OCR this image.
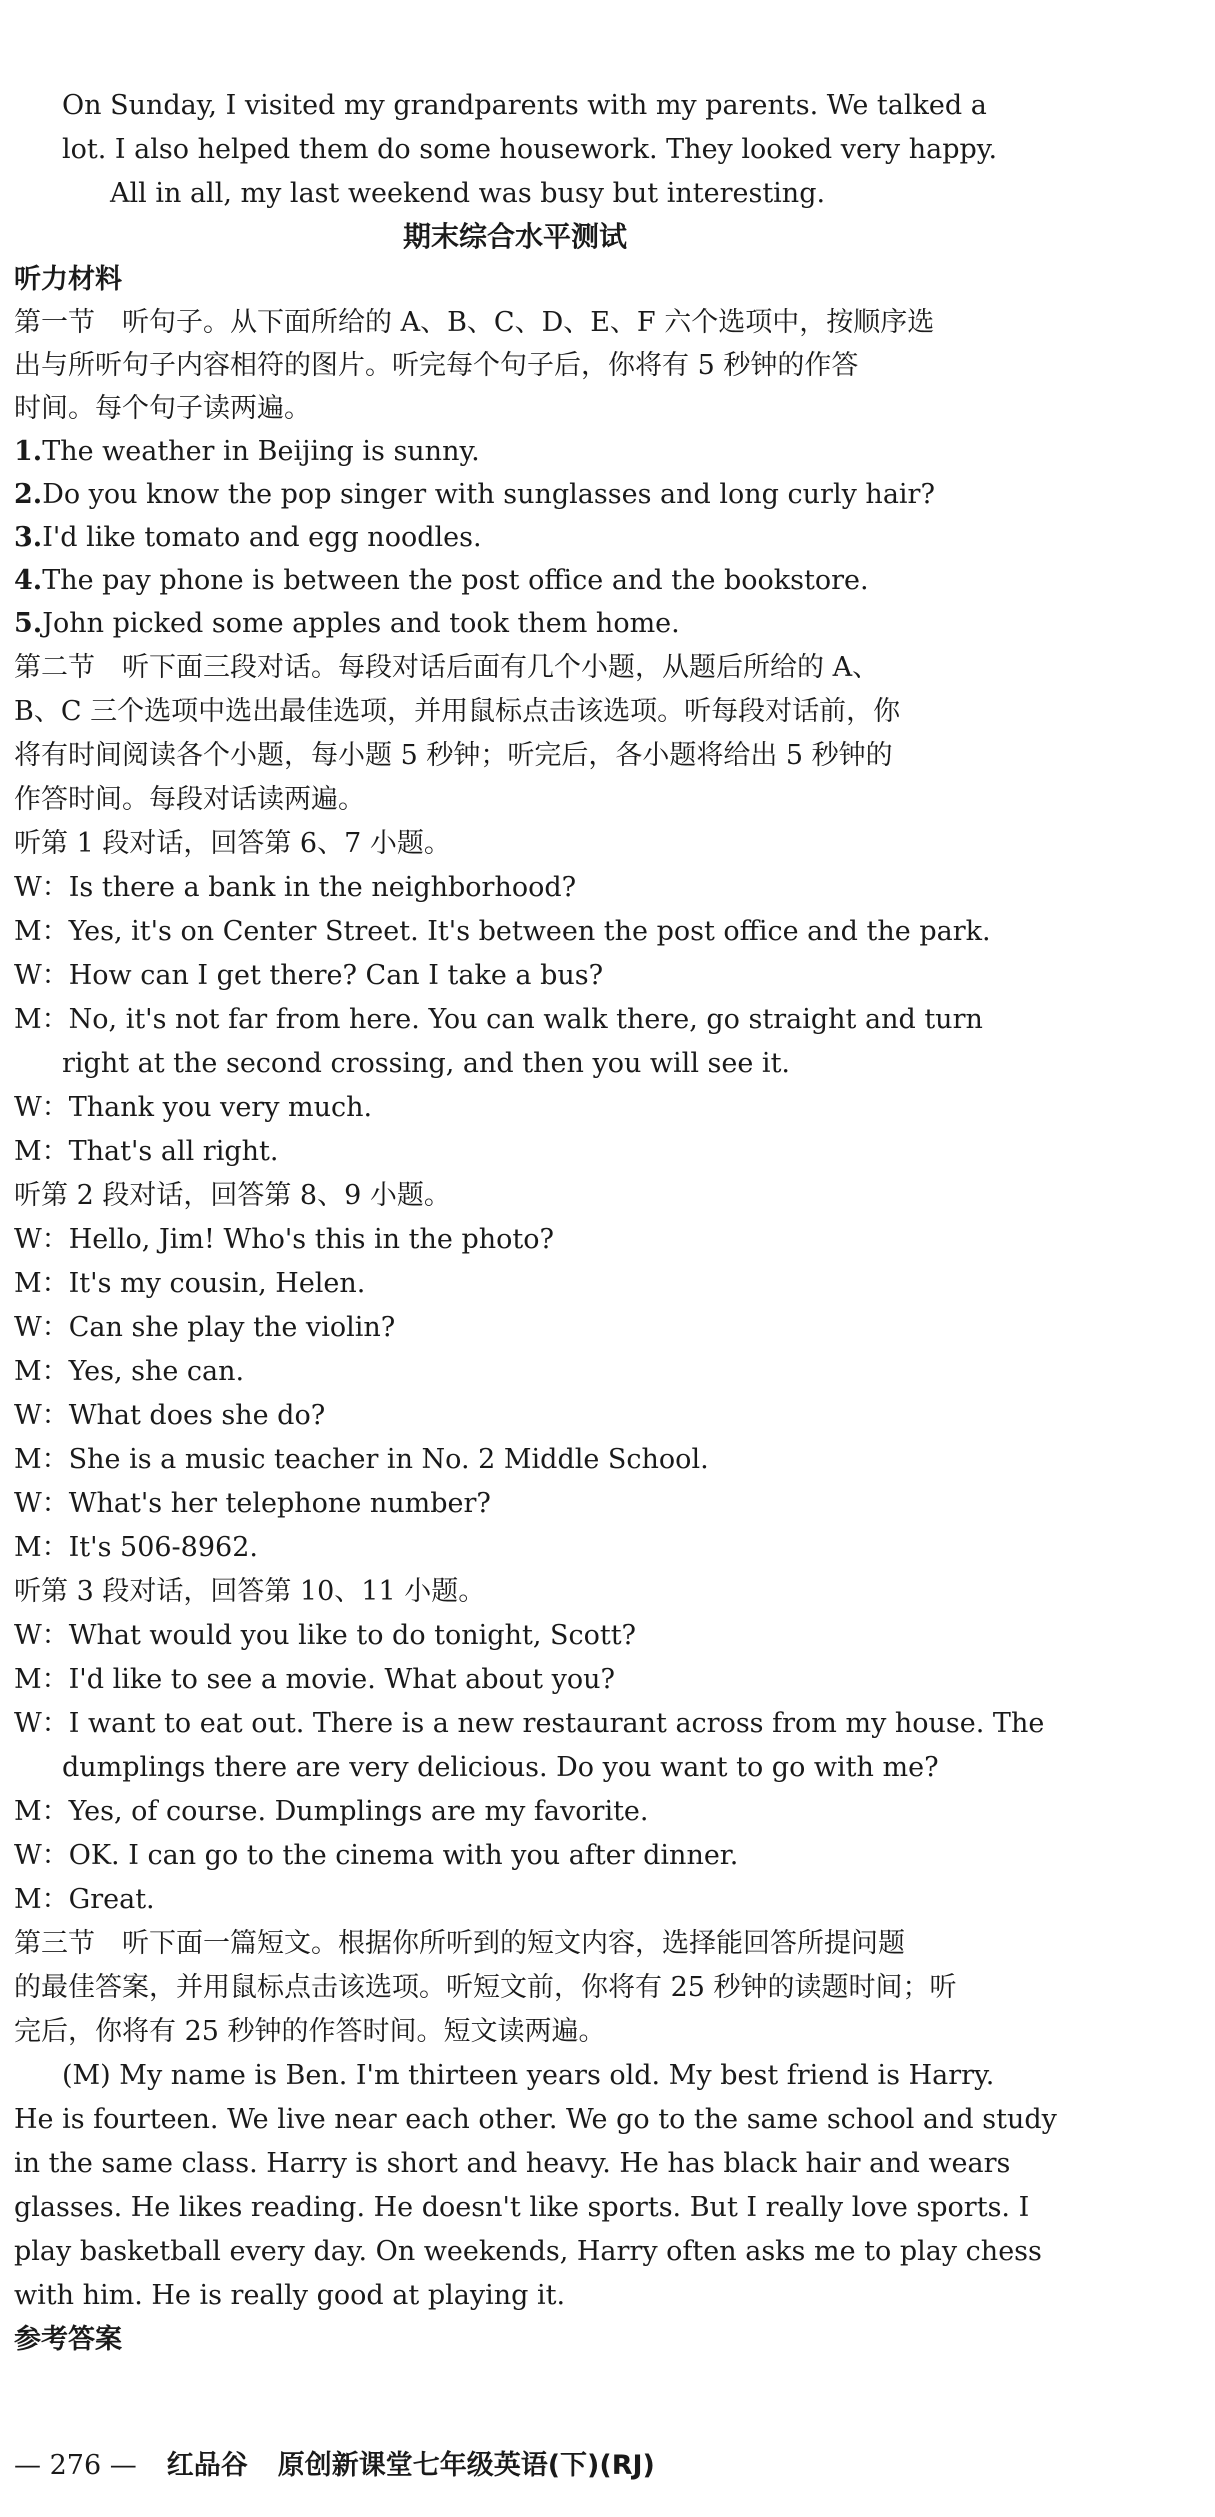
On Sunday, I visited my grandparents with my parents. We talked a
lot. I also helped them do some housework. They looked very happy.
All in all, my last weekend was busy but interesting.
期末综合水平测试
听力材料
第一节　听句子。从下面所给的 A、B、C、D、E、F 六个选项中，按顺序选
出与所听句子内容相符的图片。听完每个句子后，你将有 5 秒钟的作答
时间。每个句子读两遍。
1.The weather in Beijing is sunny.
2.Do you know the pop singer with sunglasses and long curly hair?
3.I'd like tomato and egg noodles.
4.The pay phone is between the post office and the bookstore.
5.John picked some apples and took them home.
第二节　听下面三段对话。每段对话后面有几个小题，从题后所给的 A、
B、C 三个选项中选出最佳选项，并用鼠标点击该选项。听每段对话前，你
将有时间阅读各个小题，每小题 5 秒钟；听完后，各小题将给出 5 秒钟的
作答时间。每段对话读两遍。
听第 1 段对话，回答第 6、7 小题。
W：Is there a bank in the neighborhood?
M：Yes, it's on Center Street. It's between the post office and the park.
W：How can I get there? Can I take a bus?
M：No, it's not far from here. You can walk there, go straight and turn
right at the second crossing, and then you will see it.
W：Thank you very much.
M：That's all right.
听第 2 段对话，回答第 8、9 小题。
W：Hello, Jim! Who's this in the photo?
M：It's my cousin, Helen.
W：Can she play the violin?
M：Yes, she can.
W：What does she do?
M：She is a music teacher in No. 2 Middle School.
W：What's her telephone number?
M：It's 506-8962.
听第 3 段对话，回答第 10、11 小题。
W：What would you like to do tonight, Scott?
M：I'd like to see a movie. What about you?
W：I want to eat out. There is a new restaurant across from my house. The
dumplings there are very delicious. Do you want to go with me?
M：Yes, of course. Dumplings are my favorite.
W：OK. I can go to the cinema with you after dinner.
M：Great.
第三节　听下面一篇短文。根据你所听到的短文内容，选择能回答所提问题
的最佳答案，并用鼠标点击该选项。听短文前，你将有 25 秒钟的读题时间；听
完后，你将有 25 秒钟的作答时间。短文读两遍。
(M) My name is Ben. I'm thirteen years old. My best friend is Harry.
He is fourteen. We live near each other. We go to the same school and study
in the same class. Harry is short and heavy. He has black hair and wears
glasses. He likes reading. He doesn't like sports. But I really love sports. I
play basketball every day. On weekends, Harry often asks me to play chess
with him. He is really good at playing it.
参考答案
— 276 — 红品谷 原创新课堂七年级英语(下)(RJ)
